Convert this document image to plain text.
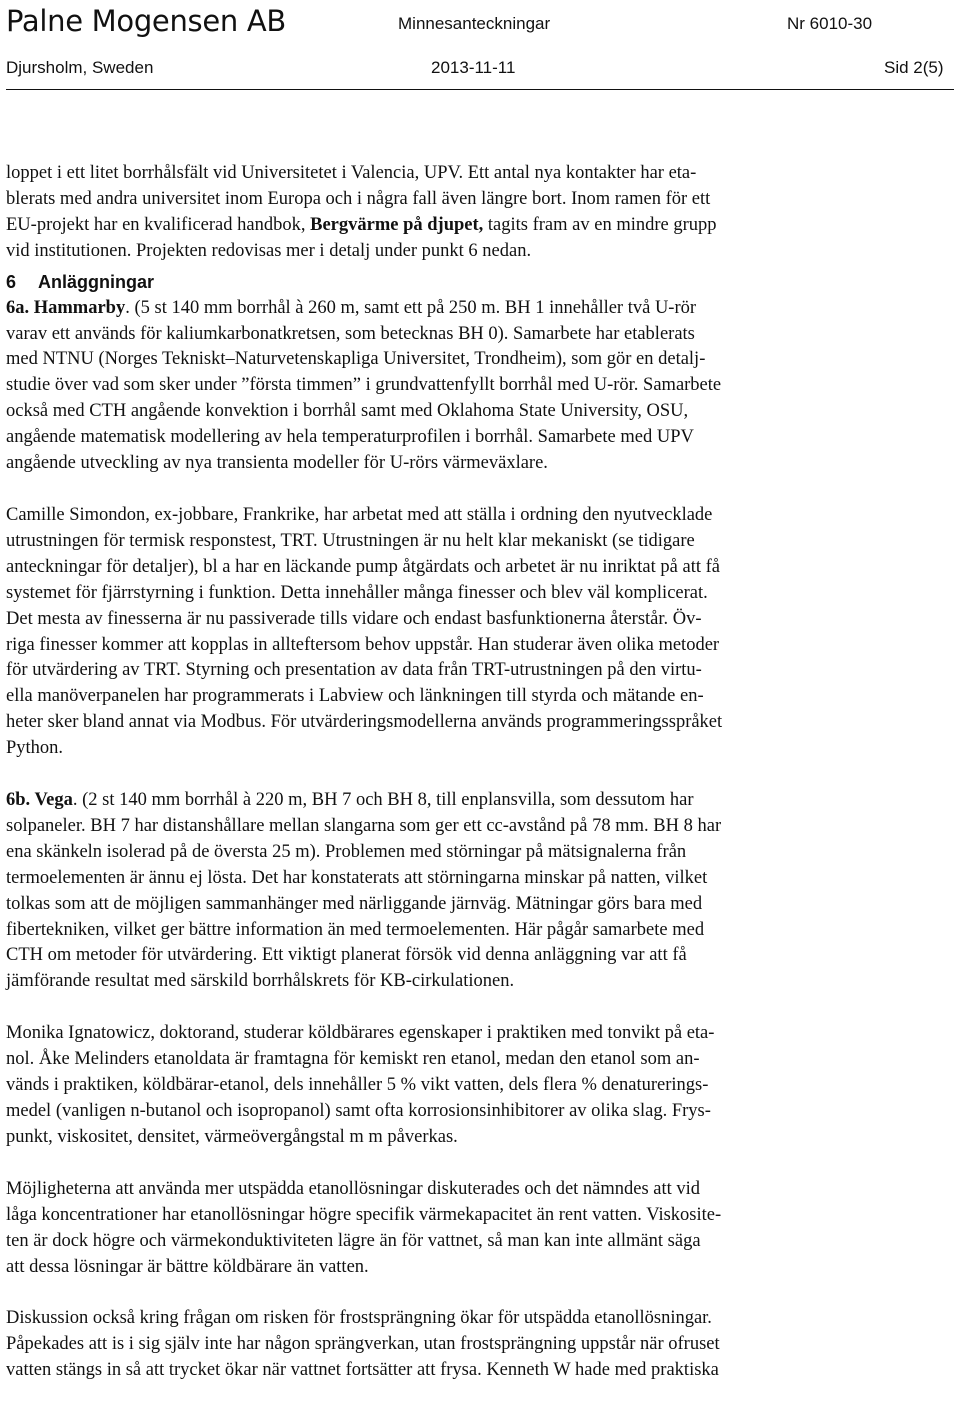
Palne Mogensen AB	Minnesanteckningar	Nr 6010-30
Djursholm, Sweden	2013-11-11	Sid 2(5)

loppet i ett litet borrhålsfält vid Universitetet i Valencia, UPV. Ett antal nya kontakter har eta-
blerats med andra universitet inom Europa och i några fall även längre bort. Inom ramen för ett
EU-projekt har en kvalificerad handbok, Bergvärme på djupet, tagits fram av en mindre grupp
vid institutionen. Projekten redovisas mer i detalj under punkt 6 nedan.

6 Anläggningar

6a. Hammarby. (5 st 140 mm borrhål à 260 m, samt ett på 250 m. BH 1 innehåller två U-rör
varav ett används för kaliumkarbonatkretsen, som betecknas BH 0). Samarbete har etablerats
med NTNU (Norges Tekniskt–Naturvetenskapliga Universitet, Trondheim), som gör en detalj-
studie över vad som sker under ”första timmen” i grundvattenfyllt borrhål med U-rör. Samarbete
också med CTH angående konvektion i borrhål samt med Oklahoma State University, OSU,
angående matematisk modellering av hela temperaturprofilen i borrhål. Samarbete med UPV
angående utveckling av nya transienta modeller för U-rörs värmeväxlare.

Camille Simondon, ex-jobbare, Frankrike, har arbetat med att ställa i ordning den nyutvecklade
utrustningen för termisk responstest, TRT. Utrustningen är nu helt klar mekaniskt (se tidigare
anteckningar för detaljer), bl a har en läckande pump åtgärdats och arbetet är nu inriktat på att få
systemet för fjärrstyrning i funktion. Detta innehåller många finesser och blev väl komplicerat.
Det mesta av finesserna är nu passiverade tills vidare och endast basfunktionerna återstår. Öv-
riga finesser kommer att kopplas in allteftersom behov uppstår. Han studerar även olika metoder
för utvärdering av TRT. Styrning och presentation av data från TRT-utrustningen på den virtu-
ella manöverpanelen har programmerats i Labview och länkningen till styrda och mätande en-
heter sker bland annat via Modbus. För utvärderingsmodellerna används programmeringsspråket
Python.

6b. Vega. (2 st 140 mm borrhål à 220 m, BH 7 och BH 8, till enplansvilla, som dessutom har
solpaneler. BH 7 har distanshållare mellan slangarna som ger ett cc-avstånd på 78 mm. BH 8 har
ena skänkeln isolerad på de översta 25 m). Problemen med störningar på mätsignalerna från
termoelementen är ännu ej lösta. Det har konstaterats att störningarna minskar på natten, vilket
tolkas som att de möjligen sammanhänger med närliggande järnväg. Mätningar görs bara med
fibertekniken, vilket ger bättre information än med termoelementen. Här pågår samarbete med
CTH om metoder för utvärdering. Ett viktigt planerat försök vid denna anläggning var att få
jämförande resultat med särskild borrhålskrets för KB-cirkulationen.

Monika Ignatowicz, doktorand, studerar köldbärares egenskaper i praktiken med tonvikt på eta-
nol. Åke Melinders etanoldata är framtagna för kemiskt ren etanol, medan den etanol som an-
vänds i praktiken, köldbärar-etanol, dels innehåller 5 % vikt vatten, dels flera % denaturerings-
medel (vanligen n-butanol och isopropanol) samt ofta korrosionsinhibitorer av olika slag. Frys-
punkt, viskositet, densitet, värmeövergångstal m m påverkas.

Möjligheterna att använda mer utspädda etanollösningar diskuterades och det nämndes att vid
låga koncentrationer har etanollösningar högre specifik värmekapacitet än rent vatten. Viskosite-
ten är dock högre och värmekonduktiviteten lägre än för vattnet, så man kan inte allmänt säga
att dessa lösningar är bättre köldbärare än vatten.

Diskussion också kring frågan om risken för frostsprängning ökar för utspädda etanollösningar.
Påpekades att is i sig själv inte har någon sprängverkan, utan frostsprängning uppstår när ofruset
vatten stängs in så att trycket ökar när vattnet fortsätter att frysa. Kenneth W hade med praktiska
